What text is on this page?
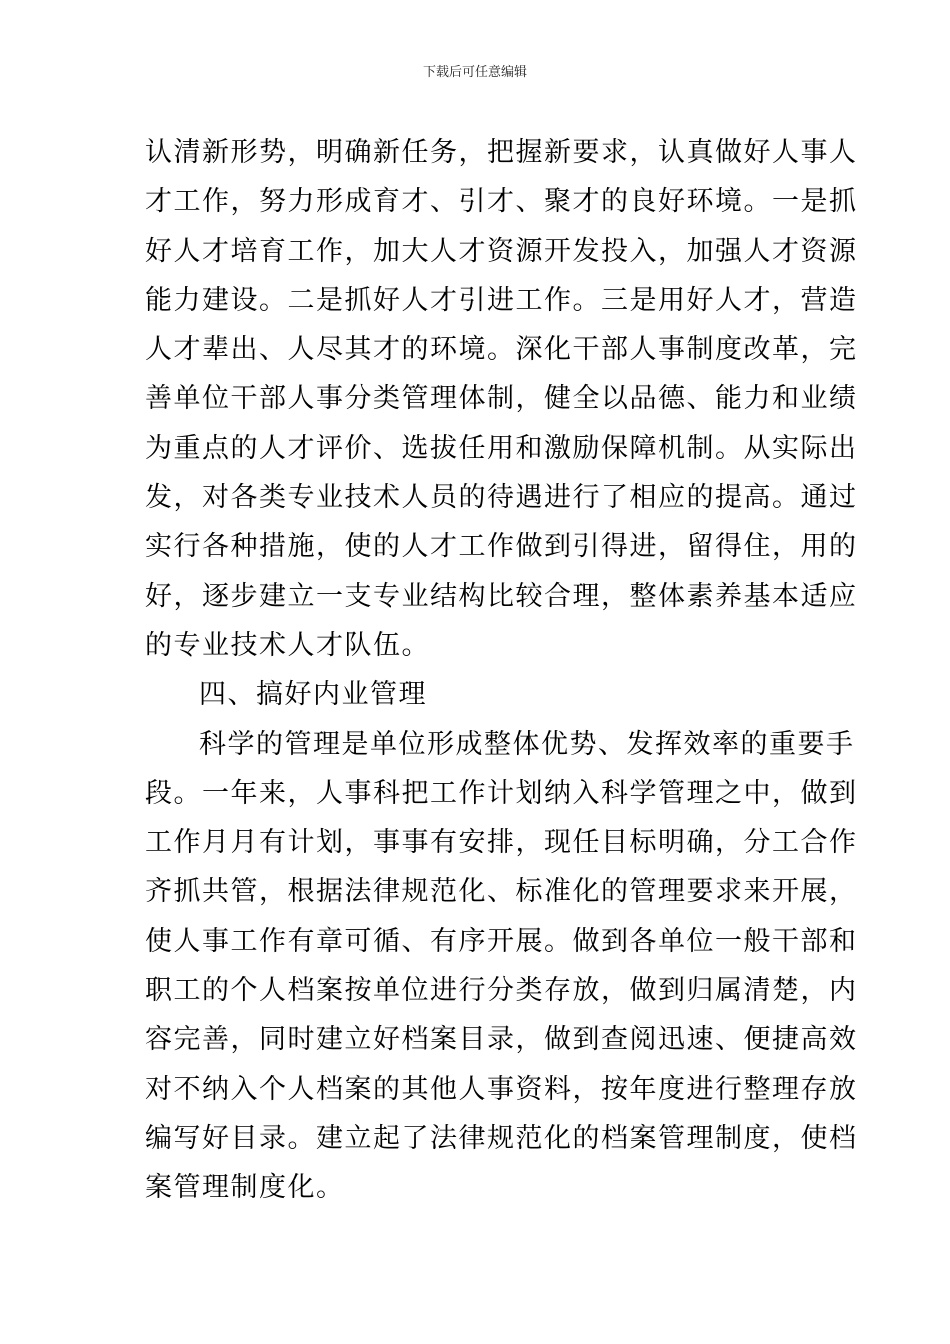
下载后可任意编辑
认清新形势，明确新任务，把握新要求，认真做好人事人
才工作，努力形成育才、引才、聚才的良好环境。一是抓
好人才培育工作，加大人才资源开发投入，加强人才资源
能力建设。二是抓好人才引进工作。三是用好人才，营造
人才辈出、人尽其才的环境。深化干部人事制度改革，完
善单位干部人事分类管理体制，健全以品德、能力和业绩
为重点的人才评价、选拔任用和激励保障机制。从实际出
发，对各类专业技术人员的待遇进行了相应的提高。通过
实行各种措施，使的人才工作做到引得进，留得住，用的
好，逐步建立一支专业结构比较合理，整体素养基本适应
的专业技术人才队伍。
四、搞好内业管理
科学的管理是单位形成整体优势、发挥效率的重要手
段。一年来，人事科把工作计划纳入科学管理之中，做到
工作月月有计划，事事有安排，现任目标明确，分工合作
齐抓共管，根据法律规范化、标准化的管理要求来开展，
使人事工作有章可循、有序开展。做到各单位一般干部和
职工的个人档案按单位进行分类存放，做到归属清楚，内
容完善，同时建立好档案目录，做到查阅迅速、便捷高效
对不纳入个人档案的其他人事资料，按年度进行整理存放
编写好目录。建立起了法律规范化的档案管理制度，使档
案管理制度化。
